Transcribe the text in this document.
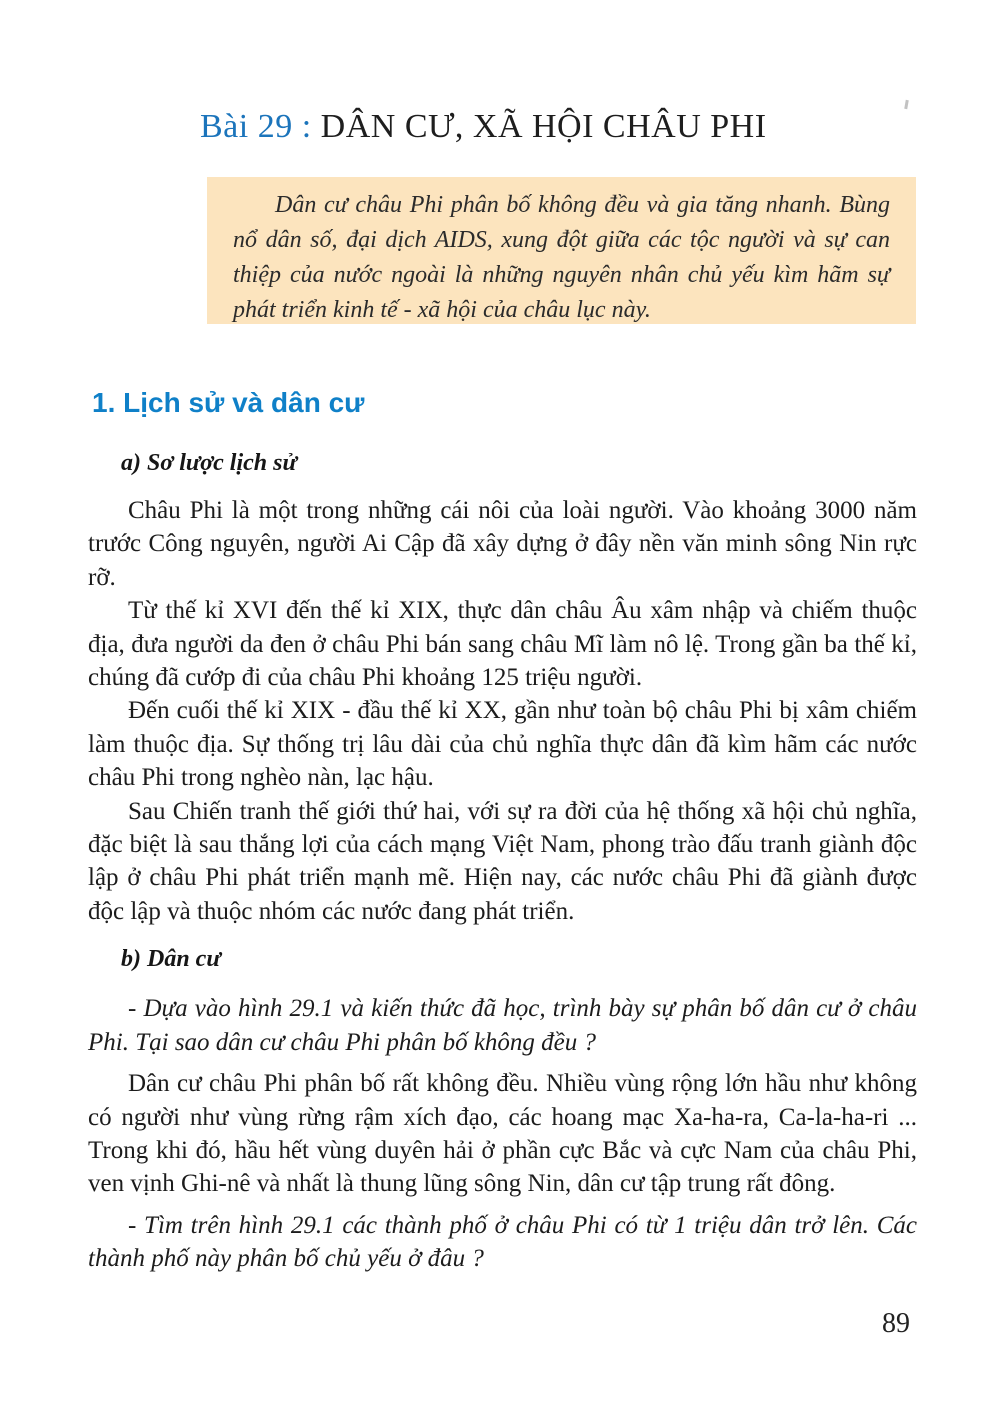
Bài 29 : DÂN CƯ, XÃ HỘI CHÂU PHI

Dân cư châu Phi phân bố không đều và gia tăng nhanh. Bùng nổ dân số, đại dịch AIDS, xung đột giữa các tộc người và sự can thiệp của nước ngoài là những nguyên nhân chủ yếu kìm hãm sự phát triển kinh tế - xã hội của châu lục này.

1. Lịch sử và dân cư
a) Sơ lược lịch sử

Châu Phi là một trong những cái nôi của loài người. Vào khoảng 3000 năm trước Công nguyên, người Ai Cập đã xây dựng ở đây nền văn minh sông Nin rực rỡ.

Từ thế kỉ XVI đến thế kỉ XIX, thực dân châu Âu xâm nhập và chiếm thuộc địa, đưa người da đen ở châu Phi bán sang châu Mĩ làm nô lệ. Trong gần ba thế kỉ, chúng đã cướp đi của châu Phi khoảng 125 triệu người.

Đến cuối thế kỉ XIX - đầu thế kỉ XX, gần như toàn bộ châu Phi bị xâm chiếm làm thuộc địa. Sự thống trị lâu dài của chủ nghĩa thực dân đã kìm hãm các nước châu Phi trong nghèo nàn, lạc hậu.

Sau Chiến tranh thế giới thứ hai, với sự ra đời của hệ thống xã hội chủ nghĩa, đặc biệt là sau thắng lợi của cách mạng Việt Nam, phong trào đấu tranh giành độc lập ở châu Phi phát triển mạnh mẽ. Hiện nay, các nước châu Phi đã giành được độc lập và thuộc nhóm các nước đang phát triển.

b) Dân cư

- Dựa vào hình 29.1 và kiến thức đã học, trình bày sự phân bố dân cư ở châu Phi. Tại sao dân cư châu Phi phân bố không đều ?

Dân cư châu Phi phân bố rất không đều. Nhiều vùng rộng lớn hầu như không có người như vùng rừng rậm xích đạo, các hoang mạc Xa-ha-ra, Ca-la-ha-ri ... Trong khi đó, hầu hết vùng duyên hải ở phần cực Bắc và cực Nam của châu Phi, ven vịnh Ghi-nê và nhất là thung lũng sông Nin, dân cư tập trung rất đông.

- Tìm trên hình 29.1 các thành phố ở châu Phi có từ 1 triệu dân trở lên. Các thành phố này phân bố chủ yếu ở đâu ?

89
